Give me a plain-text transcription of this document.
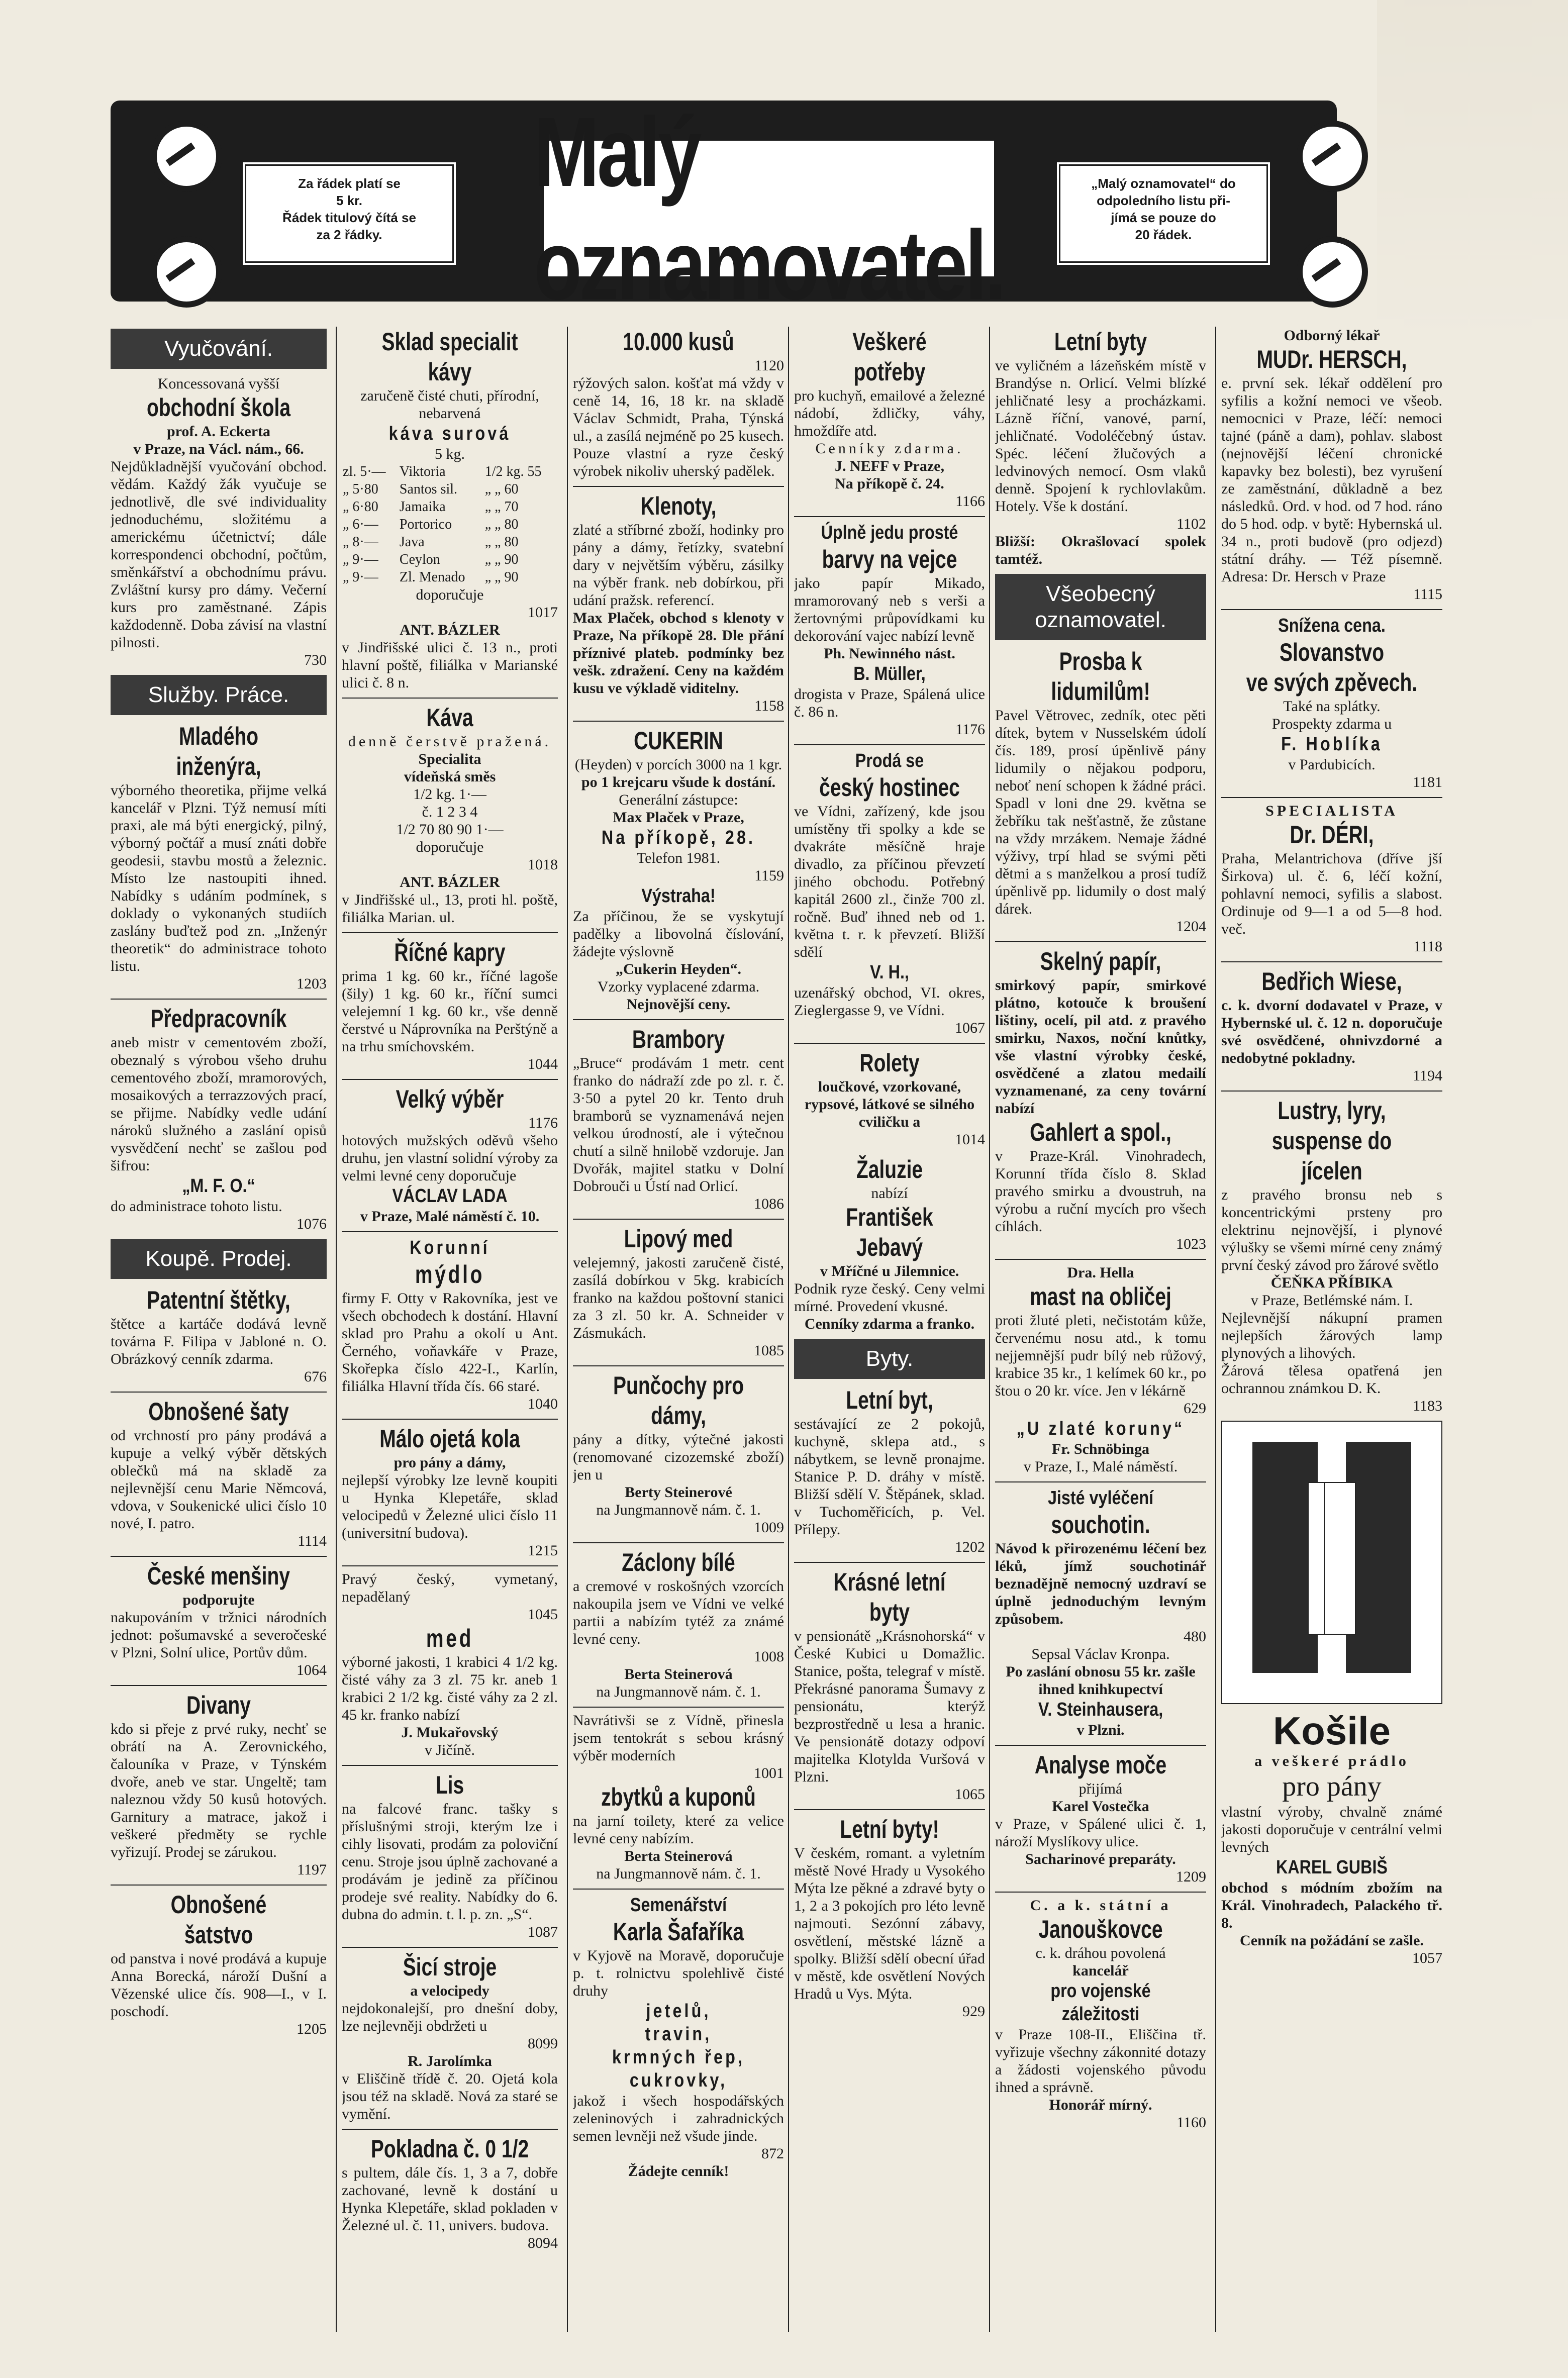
Za řádek platí se
5 kr.
Řádek titulový čítá se
za 2 řádky.
Malý oznamovatel.
„Malý oznamovatel“ do
odpoledního listu při-
jímá se pouze do
20 řádek.
Vyučování.
Koncessovaná vyšší
obchodní škola
prof. A. Eckerta
v Praze, na Václ. nám., 66.
Nejdůkladnější vyučování obchod. vědám. Každý žák vyučuje se jednotlivě, dle své individuality jednoduchému, složitému a americkému účetnictví; dále korrespondenci obchodní, počtům, směnkářství a obchodnímu právu. Zvláštní kursy pro dámy. Večerní kurs pro zaměstnané. Zápis každodenně. Doba závisí na vlastní pilnosti.
730
Služby. Práce.
Mladého inženýra,
výborného theoretika, přijme velká kancelář v Plzni. Týž nemusí míti praxi, ale má býti energický, pilný, výborný počtář a musí znáti dobře geodesii, stavbu mostů a železnic. Místo lze nastoupiti ihned. Nabídky s udáním podmínek, s doklady o vykonaných studiích zaslány buďtež pod zn. „Inženýr theoretik“ do administrace tohoto listu.
1203
Předpracovník
aneb mistr v cementovém zboží, obeznalý s výrobou všeho druhu cementového zboží, mramorových, mosaikových a terrazzových prací, se přijme. Nabídky vedle udání nároků služného a zaslání opisů vysvědčení nechť se zašlou pod šifrou:
„M. F. O.“
do administrace tohoto listu.
1076
Koupě. Prodej.
Patentní štětky,
štětce a kartáče dodává levně továrna F. Filipa v Jabloné n. O. Obrázkový cenník zdarma.
676
Obnošené šaty
od vrchností pro pány prodává a kupuje a velký výběr dětských oblečků má na skladě za nejlevnější cenu Marie Němcová, vdova, v Soukenické ulici číslo 10 nové, I. patro.
1114
České menšiny
podporujte
nakupováním v tržnici národních jednot: pošumavské a severočeské v Plzni, Solní ulice, Portův dům.
1064
Divany
kdo si přeje z prvé ruky, nechť se obrátí na A. Zerovnického, čalouníka v Praze, v Týnském dvoře, aneb ve star. Ungeltě; tam naleznou vždy 50 kusů hotových. Garnitury a matrace, jakož i veškeré předměty se rychle vyřizují. Prodej se zárukou.
1197
Obnošené šatstvo
od panstva i nové prodává a kupuje Anna Borecká, nároží Dušní a Vězenské ulice čís. 908—I., v I. poschodí.
1205
Sklad specialit kávy
zaručeně čisté chuti, přírodní, nebarvená
káva surová
5 kg.
zl. 5·—	Viktoria	1/2 kg. 55
„ 5·80	Santos sil.	„ „ 60
„ 6·80	Jamaika	„ „ 70
„ 6·—	Portorico	„ „ 80
„ 8·—	Java	„ „ 80
„ 9·—	Ceylon	„ „ 90
„ 9·—	Zl. Menado	„ „ 90
doporučuje
1017
ANT. BÁZLER
v Jindřišské ulici č. 13 n., proti hlavní poště, filiálka v Marianské ulici č. 8 n.
Káva
denně čerstvě pražená.
Specialita
vídeňská směs
1/2 kg. 1·—
č. 1 2 3 4
1/2 70 80 90 1·—
doporučuje
1018
ANT. BÁZLER
v Jindřišské ul., 13, proti hl. poště, filiálka Marian. ul.
Říčné kapry
prima 1 kg. 60 kr., říčné lagoše (šily) 1 kg. 60 kr., říční sumci velejemní 1 kg. 60 kr., vše denně čerstvé u Náprovníka na Perštýně a na trhu smíchovském.
1044
Velký výběr
1176
hotových mužských oděvů všeho druhu, jen vlastní solidní výroby za velmi levné ceny doporučuje
VÁCLAV LADA
v Praze, Malé náměstí č. 10.
Korunní
mýdlo
firmy F. Otty v Rakovníka, jest ve všech obchodech k dostání. Hlavní sklad pro Prahu a okolí u Ant. Černého, voňavkáře v Praze, Skořepka číslo 422-I., Karlín, filiálka Hlavní třída čís. 66 staré.
1040
Málo ojetá kola
pro pány a dámy,
nejlepší výrobky lze levně koupiti u Hynka Klepetáře, sklad velocipedů v Železné ulici číslo 11 (universitní budova).
1215
Pravý český, vymetaný, nepadělaný
1045
med
výborné jakosti, 1 krabici 4 1/2 kg. čisté váhy za 3 zl. 75 kr. aneb 1 krabici 2 1/2 kg. čisté váhy za 2 zl. 45 kr. franko nabízí
J. Mukařovský
v Jičíně.
Lis
na falcové franc. tašky s příslušnými stroji, kterým lze i cihly lisovati, prodám za poloviční cenu. Stroje jsou úplně zachované a prodávám je jedině za příčinou prodeje své reality. Nabídky do 6. dubna do admin. t. l. p. zn. „S“.
1087
Šicí stroje
a velocipedy
nejdokonalejší, pro dnešní doby, lze nejlevněji obdržeti u
8099
R. Jarolímka
v Eliščině třídě č. 20. Ojetá kola jsou též na skladě. Nová za staré se vymění.
Pokladna č. 0 1/2
s pultem, dále čís. 1, 3 a 7, dobře zachované, levně k dostání u Hynka Klepetáře, sklad pokladen v Železné ul. č. 11, univers. budova.
8094
10.000 kusů
1120
rýžových salon. košťat má vždy v ceně 14, 16, 18 kr. na skladě Václav Schmidt, Praha, Týnská ul., a zasílá nejméně po 25 kusech. Pouze vlastní a ryze český výrobek nikoliv uherský padělek.
Klenoty,
zlaté a stříbrné zboží, hodinky pro pány a dámy, řetízky, svatební dary v největším výběru, zásilky na výběr frank. neb dobírkou, při udání pražsk. referencí.
Max Plaček, obchod s klenoty v Praze, Na příkopě 28. Dle přání příznivé plateb. podmínky bez vešk. zdražení. Ceny na každém kusu ve výkladě viditelny.
1158
CUKERIN
(Heyden) v porcích 3000 na 1 kgr.
po 1 krejcaru všude k dostání.
Generální zástupce:
Max Plaček v Praze,
Na příkopě, 28.
Telefon 1981.
1159
Výstraha!
Za příčinou, že se vyskytují padělky a libovolná číslování, žádejte výslovně
„Cukerin Heyden“.
Vzorky vyplacené zdarma.
Nejnovější ceny.
Brambory
„Bruce“ prodávám 1 metr. cent franko do nádraží zde po zl. r. č. 3·50 a pytel 20 kr. Tento druh bramborů se vyznamenává nejen velkou úrodností, ale i výtečnou chutí a silně hnilobě vzdoruje. Jan Dvořák, majitel statku v Dolní Dobrouči u Ústí nad Orlicí.
1086
Lipový med
velejemný, jakosti zaručeně čisté, zasílá dobírkou v 5kg. krabicích franko na každou poštovní stanici za 3 zl. 50 kr. A. Schneider v Zásmukách.
1085
Punčochy pro dámy,
pány a dítky, výtečné jakosti (renomované cizozemské zboží) jen u
Berty Steinerové
na Jungmannově nám. č. 1.
1009
Záclony bílé
a cremové v roskošných vzorcích nakoupila jsem ve Vídni ve velké partii a nabízím tytéž za známé levné ceny.
1008
Berta Steinerová
na Jungmannově nám. č. 1.
Navrátivši se z Vídně, přinesla jsem tentokrát s sebou krásný výběr moderních
1001
zbytků a kuponů
na jarní toilety, které za velice levné ceny nabízím.
Berta Steinerová
na Jungmannově nám. č. 1.
Semenářství
Karla Šafaříka
v Kyjově na Moravě, doporučuje p. t. rolnictvu spolehlivě čisté druhy
jetelů,
travin,
krmných řep,
cukrovky,
jakož i všech hospodářských zeleninových i zahradnických semen levněji než všude jinde.
872
Žádejte cenník!
Veškeré potřeby
pro kuchyň, emailové a železné nádobí, ždličky, váhy, hmoždíře atd.
Cenníky zdarma.
J. NEFF v Praze,
Na příkopě č. 24.
1166
Úplně jedu prosté
barvy na vejce
jako papír Mikado, mramorovaný neb s verši a žertovnými průpovídkami ku dekorování vajec nabízí levně
Ph. Newinného nást.
B. Müller,
drogista v Praze, Spálená ulice č. 86 n.
1176
Prodá se
český hostinec
ve Vídni, zařízený, kde jsou umístěny tři spolky a kde se dvakráte měsíčně hraje divadlo, za příčinou převzetí jiného obchodu. Potřebný kapitál 2600 zl., činže 700 zl. ročně. Buď ihned neb od 1. května t. r. k převzetí. Bližší sdělí
V. H.,
uzenářský obchod, VI. okres, Zieglergasse 9, ve Vídni.
1067
Rolety
loučkové, vzorkované, rypsové, látkové se silného cviličku a
1014
Žaluzie
nabízí
František Jebavý
v Mříčné u Jilemnice.
Podnik ryze český. Ceny velmi mírné. Provedení vkusné.
Cenníky zdarma a franko.
Byty.
Letní byt,
sestávající ze 2 pokojů, kuchyně, sklepa atd., s nábytkem, se levně pronajme. Stanice P. D. dráhy v místě. Bližší sdělí V. Štěpánek, sklad. v Tuchoměřicích, p. Vel. Přílepy.
1202
Krásné letní byty
v pensionátě „Krásnohorská“ v České Kubici u Domažlic. Stanice, pošta, telegraf v místě. Překrásné panorama Šumavy z pensionátu, kterýž bezprostředně u lesa a hranic. Ve pensionátě dotazy odpoví majitelka Klotylda Vuršová v Plzni.
1065
Letní byty!
V českém, romant. a vyletním městě Nové Hrady u Vysokého Mýta lze pěkné a zdravé byty o 1, 2 a 3 pokojích pro léto levně najmouti. Sezónní zábavy, osvětlení, městské lázně a spolky. Bližší sdělí obecní úřad v městě, kde osvětlení Nových Hradů u Vys. Mýta.
929
Letní byty
ve vyličném a lázeňském místě v Brandýse n. Orlicí. Velmi blízké jehličnaté lesy a procházkami. Lázně říční, vanové, parní, jehličnaté. Vodoléčebný ústav. Spéc. léčení žlučových a ledvinových nemocí. Osm vlaků denně. Spojení k rychlovlakům. Hotely. Vše k dostání.
1102
Bližší: Okrašlovací spolek tamtéž.
Všeobecný oznamovatel.
Prosba k lidumilům!
Pavel Větrovec, zedník, otec pěti dítek, bytem v Nusselském údolí čís. 189, prosí úpěnlivě pány lidumily o nějakou podporu, neboť není schopen k žádné práci. Spadl v loni dne 29. května se žebříku tak nešťastně, že zůstane na vždy mrzákem. Nemaje žádné výživy, trpí hlad se svými pěti dětmi a s manželkou a prosí tudíž úpěnlivě pp. lidumily o dost malý dárek.
1204
Skelný papír,
smirkový papír, smirkové plátno, kotouče k broušení lištiny, ocelí, pil atd. z pravého smirku, Naxos, noční knůtky, vše vlastní výrobky české, osvědčené a zlatou medailí vyznamenané, za ceny tovární nabízí
Gahlert a spol.,
v Praze-Král. Vinohradech, Korunní třída číslo 8. Sklad pravého smirku a dvoustruh, na výrobu a ruční mycích pro všech cíhlách.
1023
Dra. Hella
mast na obličej
proti žluté pleti, nečistotám kůže, červenému nosu atd., k tomu nejjemnější pudr bílý neb růžový, krabice 35 kr., 1 kelímek 60 kr., po štou o 20 kr. více. Jen v lékárně
629
„U zlaté koruny“
Fr. Schnöbinga
v Praze, I., Malé náměstí.
Jisté vyléčení
souchotin.
Návod k přirozenému léčení bez léků, jímž souchotinář beznadějně nemocný uzdraví se úplně jednoduchým levným způsobem.
480
Sepsal Václav Kronpa.
Po zaslání obnosu 55 kr. zašle ihned knihkupectví
V. Steinhausera,
v Plzni.
Analyse moče
přijímá
Karel Vostečka
v Praze, v Spálené ulici č. 1, nároží Myslíkovy ulice.
Sacharinové preparáty.
1209
C. a k. státní a
Janouškovce
c. k. dráhou povolená
kancelář
pro vojenské záležitosti
v Praze 108-II., Eliščina tř. vyřizuje všechny zákonnité dotazy a žádosti vojenského původu ihned a správně.
Honorář mírný.
1160
Odborný lékař
MUDr. HERSCH,
e. první sek. lékař oddělení pro syfilis a kožní nemoci ve všeob. nemocnici v Praze, léčí: nemoci tajné (páně a dam), pohlav. slabost (nejnovější léčení chronické kapavky bez bolesti), bez vyrušení ze zaměstnání, důkladně a bez následků. Ord. v hod. od 7 hod. ráno do 5 hod. odp. v bytě: Hybernská ul. 34 n., proti budově (pro odjezd) státní dráhy. — Též písemně. Adresa: Dr. Hersch v Praze
1115
Snížena cena.
Slovanstvo
ve svých zpěvech.
Také na splátky.
Prospekty zdarma u
F. Hoblíka
v Pardubicích.
1181
SPECIALISTA
Dr. DÉRI,
Praha, Melantrichova (dříve jší Širkova) ul. č. 6, léčí kožní, pohlavní nemoci, syfilis a slabost. Ordinuje od 9—1 a od 5—8 hod. več.
1118
Bedřich Wiese,
c. k. dvorní dodavatel v Praze, v Hybernské ul. č. 12 n. doporučuje své osvědčené, ohnivzdorné a nedobytné pokladny.
1194
Lustry, lyry,
suspense do jícelen
z pravého bronsu neb s koncentrickými prsteny pro elektrinu nejnovější, i plynové výlušky se všemi mírné ceny známý první český závod pro žárové světlo
ČEŇKA PŘÍBIKA
v Praze, Betlémské nám. I.
Nejlevnější nákupní pramen nejlepších žárových lamp plynových a lihových.
Žárová tělesa opatřená jen ochrannou známkou D. K.
1183
Košile
a veškeré prádlo
pro pány
vlastní výroby, chvalně známé jakosti doporučuje v centrální velmi levných
KAREL GUBIŠ
obchod s módním zbožím na Král. Vinohradech, Palackého tř. 8.
Cenník na požádání se zašle.
1057
